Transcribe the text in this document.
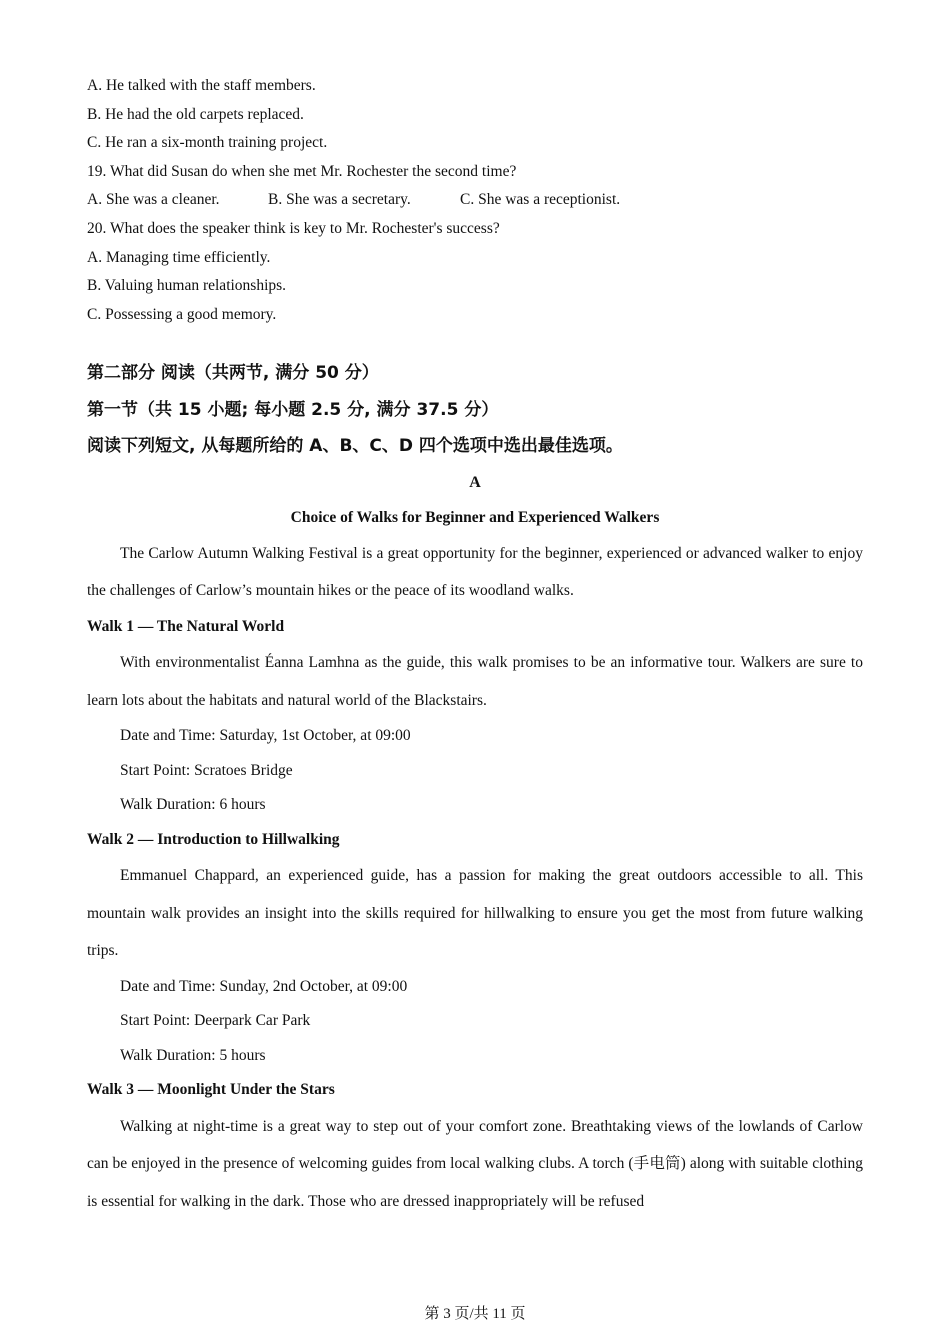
A. He talked with the staff members.

B. He had the old carpets replaced.

C. He ran a six-month training project.

19. What did Susan do when she met Mr. Rochester the second time?

A. She was a cleaner.	B. She was a secretary.	C. She was a receptionist.

20. What does the speaker think is key to Mr. Rochester's success?

A. Managing time efficiently.

B. Valuing human relationships.

C. Possessing a good memory.

第二部分 阅读（共两节, 满分 50 分）

第一节（共 15 小题; 每小题 2.5 分, 满分 37.5 分）

阅读下列短文, 从每题所给的 A、B、C、D 四个选项中选出最佳选项。

A

Choice of Walks for Beginner and Experienced Walkers

The Carlow Autumn Walking Festival is a great opportunity for the beginner, experienced or advanced walker to enjoy the challenges of Carlow’s mountain hikes or the peace of its woodland walks.

Walk 1 — The Natural World

With environmentalist Éanna Lamhna as the guide, this walk promises to be an informative tour. Walkers are sure to learn lots about the habitats and natural world of the Blackstairs.

Date and Time: Saturday, 1st October, at 09:00

Start Point: Scratoes Bridge

Walk Duration: 6 hours

Walk 2 — Introduction to Hillwalking

Emmanuel Chappard, an experienced guide, has a passion for making the great outdoors accessible to all. This mountain walk provides an insight into the skills required for hillwalking to ensure you get the most from future walking trips.

Date and Time: Sunday, 2nd October, at 09:00

Start Point: Deerpark Car Park

Walk Duration: 5 hours

Walk 3 — Moonlight Under the Stars

Walking at night-time is a great way to step out of your comfort zone. Breathtaking views of the lowlands of Carlow can be enjoyed in the presence of welcoming guides from local walking clubs. A torch (手电筒) along with suitable clothing is essential for walking in the dark. Those who are dressed inappropriately will be refused

第 3 页/共 11 页
